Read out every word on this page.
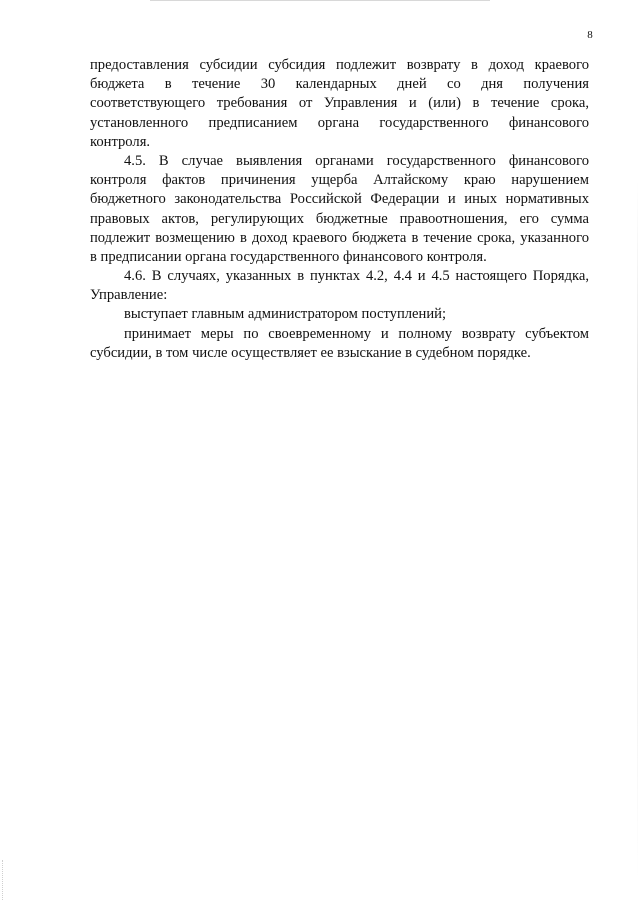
8
предоставления субсидии субсидия подлежит возврату в доход краевого
бюджета в течение 30 календарных дней со дня получения
соответствующего требования от Управления и (или) в течение срока,
установленного предписанием органа государственного финансового
контроля.
4.5. В случае выявления органами государственного финансового
контроля фактов причинения ущерба Алтайскому краю нарушением
бюджетного законодательства Российской Федерации и иных нормативных
правовых актов, регулирующих бюджетные правоотношения, его сумма
подлежит возмещению в доход краевого бюджета в течение срока, указанного
в предписании органа государственного финансового контроля.
4.6. В случаях, указанных в пунктах 4.2, 4.4 и 4.5 настоящего Порядка,
Управление:
выступает главным администратором поступлений;
принимает меры по своевременному и полному возврату субъектом
субсидии, в том числе осуществляет ее взыскание в судебном порядке.
